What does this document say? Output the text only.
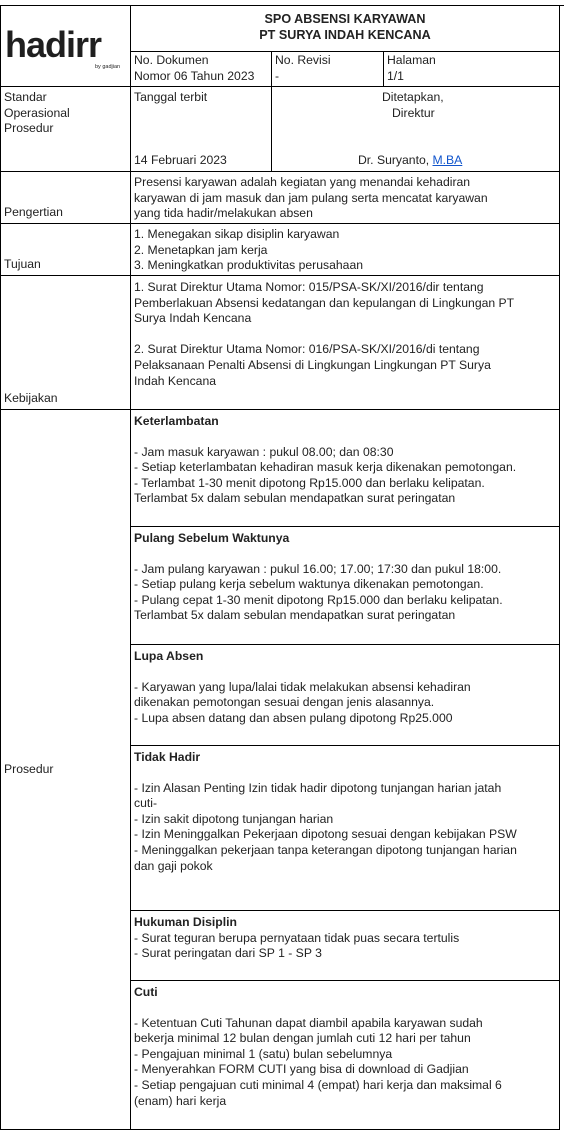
hadirr
by gadjian
SPO ABSENSI KARYAWAN
PT SURYA INDAH KENCANA
No. Dokumen
Nomor 06 Tahun 2023
No. Revisi
-
Halaman
1/1
Standar
Operasional
Prosedur
Tanggal terbit
14 Februari 2023
Ditetapkan,
Direktur
Dr. Suryanto, M.BA
Pengertian
Presensi karyawan adalah kegiatan yang menandai kehadiran
karyawan di jam masuk dan jam pulang serta mencatat karyawan
yang tida hadir/melakukan absen
Tujuan
1. Menegakan sikap disiplin karyawan
2. Menetapkan jam kerja
3. Meningkatkan produktivitas perusahaan
Kebijakan
1. Surat Direktur Utama Nomor: 015/PSA-SK/XI/2016/dir tentang
Pemberlakuan Absensi kedatangan dan kepulangan di Lingkungan PT
Surya Indah Kencana
2. Surat Direktur Utama Nomor: 016/PSA-SK/XI/2016/di tentang
Pelaksanaan Penalti Absensi di Lingkungan Lingkungan PT Surya
Indah Kencana
Prosedur
Keterlambatan
- Jam masuk karyawan : pukul 08.00; dan 08:30
- Setiap keterlambatan kehadiran masuk kerja dikenakan pemotongan.
- Terlambat 1-30 menit dipotong Rp15.000 dan berlaku kelipatan.
Terlambat 5x dalam sebulan mendapatkan surat peringatan
Pulang Sebelum Waktunya
- Jam pulang karyawan : pukul 16.00; 17.00; 17:30 dan pukul 18:00.
- Setiap pulang kerja sebelum waktunya dikenakan pemotongan.
- Pulang cepat 1-30 menit dipotong Rp15.000 dan berlaku kelipatan.
Terlambat 5x dalam sebulan mendapatkan surat peringatan
Lupa Absen
- Karyawan yang lupa/lalai tidak melakukan absensi kehadiran
dikenakan pemotongan sesuai dengan jenis alasannya.
- Lupa absen datang dan absen pulang dipotong Rp25.000
Tidak Hadir
- Izin Alasan Penting Izin tidak hadir dipotong tunjangan harian jatah
cuti-
- Izin sakit dipotong tunjangan harian
- Izin Meninggalkan Pekerjaan dipotong sesuai dengan kebijakan PSW
- Meninggalkan pekerjaan tanpa keterangan dipotong tunjangan harian
dan gaji pokok
Hukuman Disiplin
- Surat teguran berupa pernyataan tidak puas secara tertulis
- Surat peringatan dari SP 1 - SP 3
Cuti
- Ketentuan Cuti Tahunan dapat diambil apabila karyawan sudah
bekerja minimal 12 bulan dengan jumlah cuti 12 hari per tahun
- Pengajuan minimal 1 (satu) bulan sebelumnya
- Menyerahkan FORM CUTI yang bisa di download di Gadjian
- Setiap pengajuan cuti minimal 4 (empat) hari kerja dan maksimal 6
(enam) hari kerja
